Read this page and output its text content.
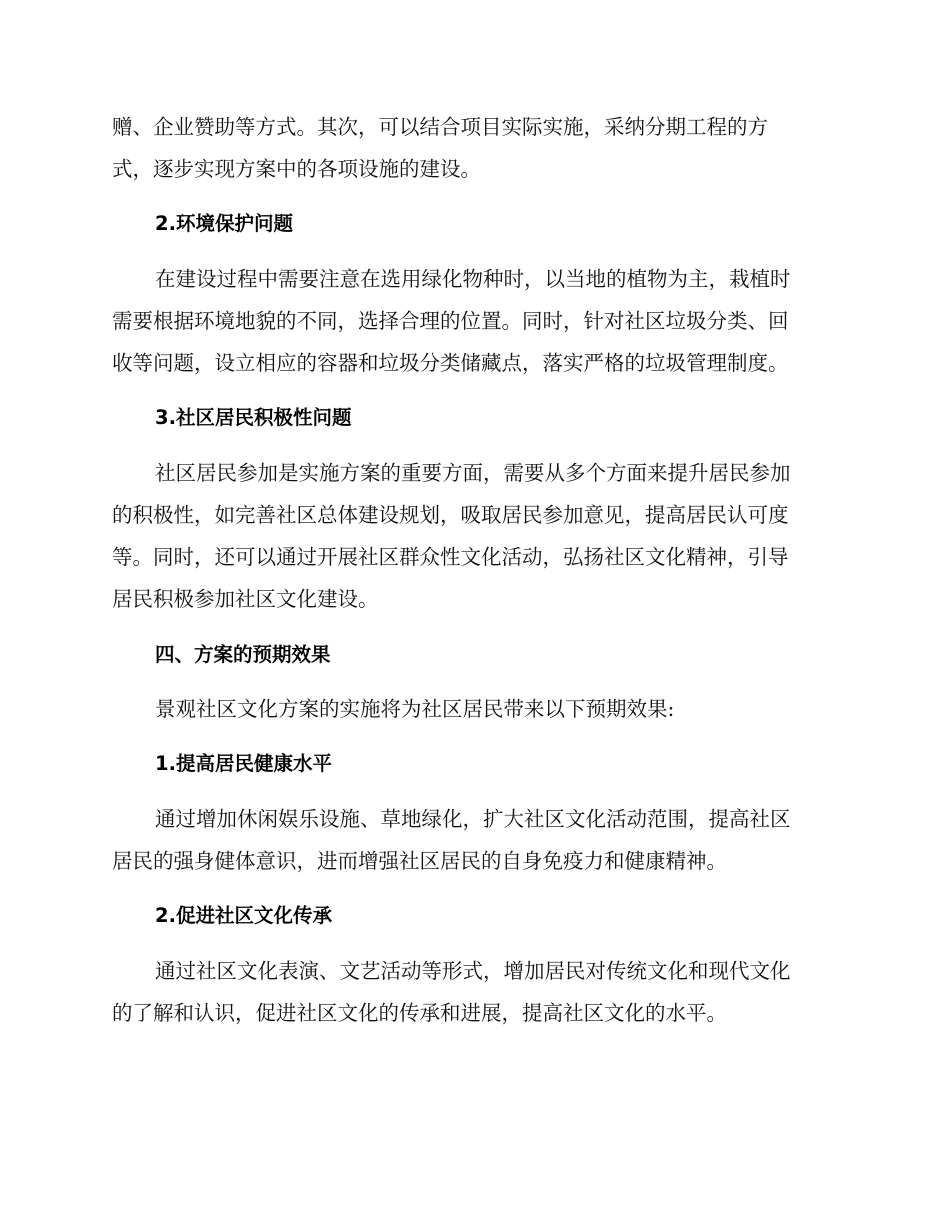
赠、企业赞助等方式。其次，可以结合项目实际实施，采纳分期工程的方
式，逐步实现方案中的各项设施的建设。
2.环境保护问题
在建设过程中需要注意在选用绿化物种时，以当地的植物为主，栽植时
需要根据环境地貌的不同，选择合理的位置。同时，针对社区垃圾分类、回
收等问题，设立相应的容器和垃圾分类储藏点，落实严格的垃圾管理制度。
3.社区居民积极性问题
社区居民参加是实施方案的重要方面，需要从多个方面来提升居民参加
的积极性，如完善社区总体建设规划，吸取居民参加意见，提高居民认可度
等。同时，还可以通过开展社区群众性文化活动，弘扬社区文化精神，引导
居民积极参加社区文化建设。
四、方案的预期效果
景观社区文化方案的实施将为社区居民带来以下预期效果:
1.提高居民健康水平
通过增加休闲娱乐设施、草地绿化，扩大社区文化活动范围，提高社区
居民的强身健体意识，进而增强社区居民的自身免疫力和健康精神。
2.促进社区文化传承
通过社区文化表演、文艺活动等形式，增加居民对传统文化和现代文化
的了解和认识，促进社区文化的传承和进展，提高社区文化的水平。
